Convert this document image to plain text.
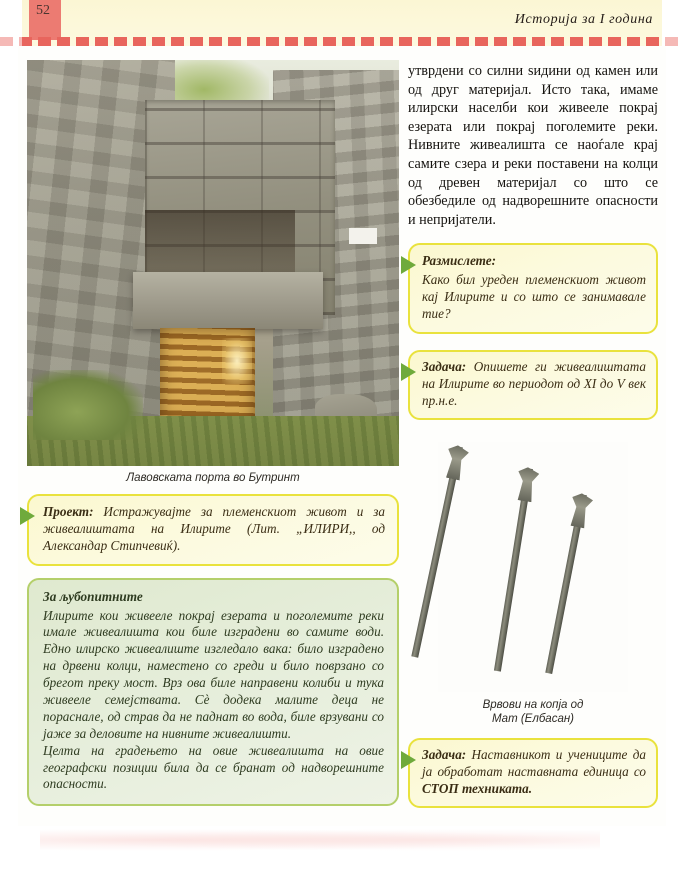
52
Историја за I година
Лавовската порта во Бутринт
Проект: Истражувајте за племенскиот живот и за живеалиштата на Илирите (Лит. „ИЛИРИ,, од Александар Стипчевиќ).
За љубопитните
Илирите кои живееле покрај езерата и поголемите реки имале живеалишта кои биле изградени во самите води. Едно илирско живеалиште изгледало вака: било изградено на дрвени колци, наместено со греди и било поврзано со брегот преку мост. Врз ова биле направени колиби и тука живееле семејствата. Сè додека малите деца не пораснале, од страв да не паднат во вода, биле врзувани со јаже за деловите на нивните живеалишти.
Целта на градењето на овие живеалишта на овие географски позиции била да се бранат од надворешните опасности.
утврдени со силни ѕидини од камен или од друг материјал. Исто така, имаме илирски населби кои живееле покрај езерата или покрај поголемите реки. Нивните живеалишта се наоѓале крај самите сзера и реки поставени на колци од древен материјал со што се обезбедиле од надворешните опасности и непријатели.
Размислете:
Како бил уреден племенскиот живот кај Илирите и со што се занимавале тие?
Задача: Опишете ги живеалиштата на Илирите во периодот од XI до V век пр.н.е.
Врвови на копја од
Мат (Елбасан)
Задача: Наставникот и учениците да ја обработат наставната единица со СТОП техниката.
